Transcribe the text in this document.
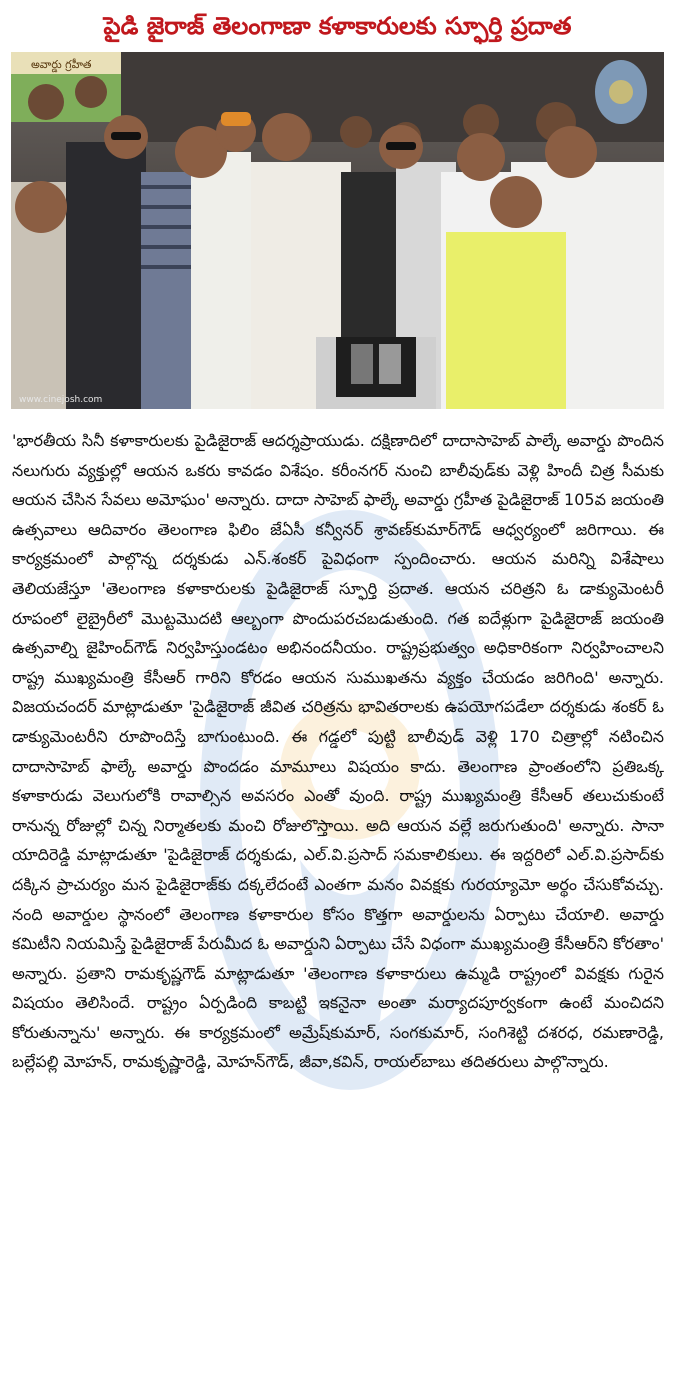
పైడి జైరాజ్‌ తెలంగాణా కళాకారులకు స్ఫూర్తి ప్రదాత
అవార్డు గ్రహీత
www.cinejosh.com

'భారతీయ సినీ కళాకారులకు పైడిజైరాజ్‌ ఆదర్శప్రాయుడు. దక్షిణాదిలో దాదాసాహెబ్‌ పాల్కే అవార్డు పొందిన నలుగురు వ్యక్తుల్లో ఆయన ఒకరు కావడం విశేషం. కరీంనగర్‌ నుంచి బాలీవుడ్‌కు వెళ్లి హిందీ చిత్ర సీమకు ఆయన చేసిన సేవలు అమోఘం' అన్నారు. దాదా సాహెబ్‌ ఫాల్కే అవార్డు గ్రహీత పైడిజైరాజ్‌ 105వ జయంతి ఉత్సవాలు ఆదివారం తెలంగాణ ఫిలిం జేఏసీ కన్వీనర్‌ శ్రావణ్‌కుమార్‌గౌడ్‌ ఆధ్వర్యంలో జరిగాయి. ఈ కార్యక్రమంలో పాల్గొన్న దర్శకుడు ఎన్‌.శంకర్‌ పైవిధంగా స్పందించారు. ఆయన మరిన్ని విశేషాలు తెలియజేస్తూ 'తెలంగాణ కళాకారులకు పైడిజైరాజ్‌ స్ఫూర్తి ప్రదాత. ఆయన చరిత్రని ఓ డాక్యుమెంటరీ రూపంలో లైబ్రైరీలో మొట్టమొదటి ఆల్బంగా పొందుపరచబడుతుంది. గత ఐదేళ్లుగా పైడిజైరాజ్‌ జయంతి ఉత్సవాల్ని జైహింద్‌గౌడ్‌ నిర్వహిస్తుండటం అభినందనీయం. రాష్ట్రప్రభుత్వం అధికారికంగా నిర్వహించాలని రాష్ట్ర ముఖ్యమంత్రి కేసీఆర్‌ గారిని కోరడం ఆయన సుముఖతను వ్యక్తం చేయడం జరిగింది' అన్నారు. విజయచందర్‌ మాట్లాడుతూ 'పైడిజైరాజ్‌ జీవిత చరిత్రను భావితరాలకు ఉపయోగపడేలా దర్శకుడు శంకర్‌ ఓ డాక్యుమెంటరీని రూపొందిస్తే బాగుంటుంది. ఈ గడ్డలో పుట్టి బాలీవుడ్‌ వెళ్లి 170 చిత్రాల్లో నటించిన దాదాసాహెబ్‌ ఫాల్కే అవార్డు పొందడం మామూలు విషయం కాదు. తెలంగాణ ప్రాంతంలోని ప్రతిఒక్క కళాకారుడు వెలుగులోకి రావాల్సిన అవసరం ఎంతో వుంది. రాష్ట్ర ముఖ్యమంత్రి కేసీఆర్‌ తలుచుకుంటే రానున్న రోజుల్లో చిన్న నిర్మాతలకు మంచి రోజులొస్తాయి. అది ఆయన వల్లే జరుగుతుంది' అన్నారు. సానా యాదిరెడ్డి మాట్లాడుతూ 'పైడిజైరాజ్‌ దర్శకుడు, ఎల్‌.వి.ప్రసాద్‌ సమకాలికులు. ఈ ఇద్దరిలో ఎల్‌.వి.ప్రసాద్‌కు దక్కిన ప్రాచుర్యం మన పైడిజైరాజ్‌కు దక్కలేదంటే ఎంతగా మనం వివక్షకు గురయ్యామో అర్థం చేసుకోవచ్చు. నంది అవార్డుల స్థానంలో తెలంగాణ కళాకారుల కోసం కొత్తగా అవార్డులను ఏర్పాటు చేయాలి. అవార్డు కమిటీని నియమిస్తే పైడిజైరాజ్‌ పేరుమీద ఓ అవార్డుని ఏర్పాటు చేసే విధంగా ముఖ్యమంత్రి కేసీఆర్‌ని కోరతాం' అన్నారు. ప్రతాని రామకృష్ణగౌడ్‌ మాట్లాడుతూ 'తెలంగాణ కళాకారులు ఉమ్మడి రాష్ట్రంలో వివక్షకు గురైన విషయం తెలిసిందే. రాష్ట్రం ఏర్పడింది కాబట్టి ఇకనైనా అంతా మర్యాదపూర్వకంగా ఉంటే మంచిదని కోరుతున్నాను' అన్నారు. ఈ కార్యక్రమంలో అమ్రేష్‌కుమార్‌, సంగకుమార్‌, సంగిశెట్టి దశరధ, రమణారెడ్డి, బల్లేపల్లి మోహన్‌, రామకృష్ణారెడ్డి, మోహన్‌గౌడ్‌, జీవా,కవిన్‌, రాయల్‌బాబు తదితరులు పాల్గొన్నారు.
